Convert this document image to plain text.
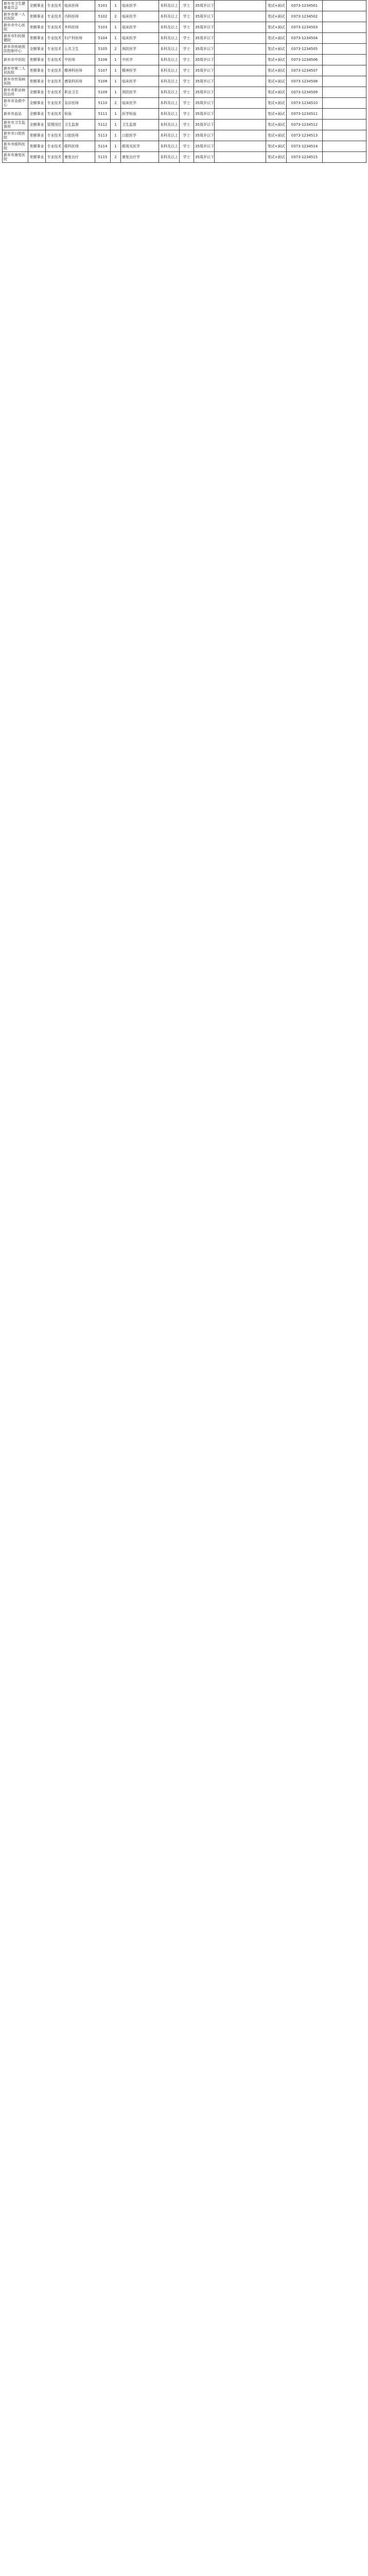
新乡市卫生健康委员会	全额事业	专业技术	临床医师	5101	1	临床医学	本科及以上	学士	35周岁以下		笔试+面试	0373-1234501	
新乡市第一人民医院	差额事业	专业技术	内科医师	5102	2	临床医学	本科及以上	学士	35周岁以下		笔试+面试	0373-1234502	
新乡市中心医院	差额事业	专业技术	外科医师	5103	1	临床医学	本科及以上	学士	35周岁以下		笔试+面试	0373-1234503	
新乡市妇幼保健院	差额事业	专业技术	妇产科医师	5104	1	临床医学	本科及以上	学士	35周岁以下		笔试+面试	0373-1234504	
新乡市疾病预防控制中心	全额事业	专业技术	公共卫生	5105	2	预防医学	本科及以上	学士	35周岁以下		笔试+面试	0373-1234505	
新乡市中医院	差额事业	专业技术	中医师	5106	1	中医学	本科及以上	学士	35周岁以下		笔试+面试	0373-1234506	
新乡市第二人民医院	差额事业	专业技术	精神科医师	5107	1	精神医学	本科及以上	学士	35周岁以下		笔试+面试	0373-1234507	
新乡市传染病医院	差额事业	专业技术	感染科医师	5108	1	临床医学	本科及以上	学士	35周岁以下		笔试+面试	0373-1234508	
新乡市职业病防治所	全额事业	专业技术	职业卫生	5109	1	预防医学	本科及以上	学士	35周岁以下		笔试+面试	0373-1234509	
新乡市急救中心	全额事业	专业技术	急诊医师	5110	2	临床医学	本科及以上	学士	35周岁以下		笔试+面试	0373-1234510	
新乡市血站	全额事业	专业技术	检验	5111	1	医学检验	本科及以上	学士	35周岁以下		笔试+面试	0373-1234511	
新乡市卫生监督所	全额事业	管理岗位	卫生监督	5112	1	卫生监督	本科及以上	学士	35周岁以下		笔试+面试	0373-1234512	
新乡市口腔医院	差额事业	专业技术	口腔医师	5113	1	口腔医学	本科及以上	学士	35周岁以下		笔试+面试	0373-1234513	
新乡市眼科医院	差额事业	专业技术	眼科医师	5114	1	眼视光医学	本科及以上	学士	35周岁以下		笔试+面试	0373-1234514	
新乡市康复医院	差额事业	专业技术	康复治疗	5115	2	康复治疗学	本科及以上	学士	35周岁以下		笔试+面试	0373-1234515	
